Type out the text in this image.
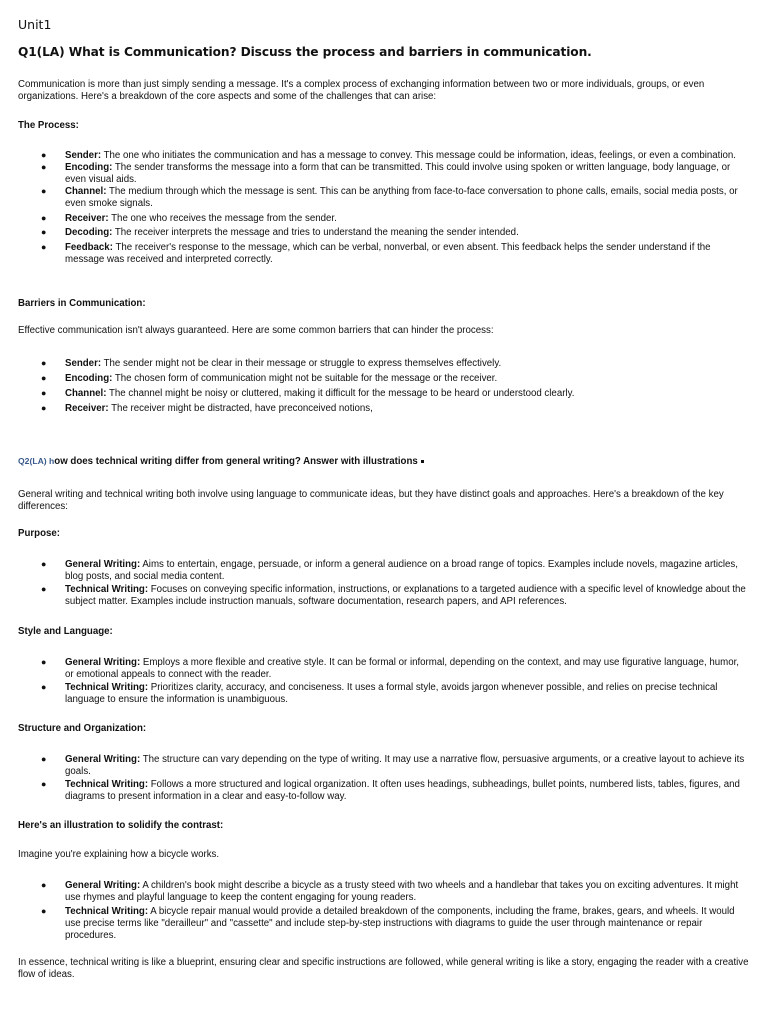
Unit1
Q1(LA) What is Communication? Discuss the process and barriers in communication.

Communication is more than just simply sending a message. It's a complex process of exchanging information between two or more individuals, groups, or even organizations. Here's a breakdown of the core aspects and some of the challenges that can arise:

The Process:

● Sender: The one who initiates the communication and has a message to convey. This message could be information, ideas, feelings, or even a combination.
● Encoding: The sender transforms the message into a form that can be transmitted. This could involve using spoken or written language, body language, or even visual aids.
● Channel: The medium through which the message is sent. This can be anything from face-to-face conversation to phone calls, emails, social media posts, or even smoke signals.
● Receiver: The one who receives the message from the sender.
● Decoding: The receiver interprets the message and tries to understand the meaning the sender intended.
● Feedback: The receiver's response to the message, which can be verbal, nonverbal, or even absent. This feedback helps the sender understand if the message was received and interpreted correctly.

Barriers in Communication:

Effective communication isn't always guaranteed. Here are some common barriers that can hinder the process:

● Sender: The sender might not be clear in their message or struggle to express themselves effectively.
● Encoding: The chosen form of communication might not be suitable for the message or the receiver.
● Channel: The channel might be noisy or cluttered, making it difficult for the message to be heard or understood clearly.
● Receiver: The receiver might be distracted, have preconceived notions,
Q2(LA) how does technical writing differ from general writing? Answer with illustrations

General writing and technical writing both involve using language to communicate ideas, but they have distinct goals and approaches. Here's a breakdown of the key differences:

Purpose:

● General Writing: Aims to entertain, engage, persuade, or inform a general audience on a broad range of topics. Examples include novels, magazine articles, blog posts, and social media content.
● Technical Writing: Focuses on conveying specific information, instructions, or explanations to a targeted audience with a specific level of knowledge about the subject matter. Examples include instruction manuals, software documentation, research papers, and API references.

Style and Language:

● General Writing: Employs a more flexible and creative style. It can be formal or informal, depending on the context, and may use figurative language, humor, or emotional appeals to connect with the reader.
● Technical Writing: Prioritizes clarity, accuracy, and conciseness. It uses a formal style, avoids jargon whenever possible, and relies on precise technical language to ensure the information is unambiguous.

Structure and Organization:

● General Writing: The structure can vary depending on the type of writing. It may use a narrative flow, persuasive arguments, or a creative layout to achieve its goals.
● Technical Writing: Follows a more structured and logical organization. It often uses headings, subheadings, bullet points, numbered lists, tables, figures, and diagrams to present information in a clear and easy-to-follow way.

Here's an illustration to solidify the contrast:

Imagine you're explaining how a bicycle works.

● General Writing: A children's book might describe a bicycle as a trusty steed with two wheels and a handlebar that takes you on exciting adventures. It might use rhymes and playful language to keep the content engaging for young readers.
● Technical Writing: A bicycle repair manual would provide a detailed breakdown of the components, including the frame, brakes, gears, and wheels. It would use precise terms like "derailleur" and "cassette" and include step-by-step instructions with diagrams to guide the user through maintenance or repair procedures.

In essence, technical writing is like a blueprint, ensuring clear and specific instructions are followed, while general writing is like a story, engaging the reader with a creative flow of ideas.
